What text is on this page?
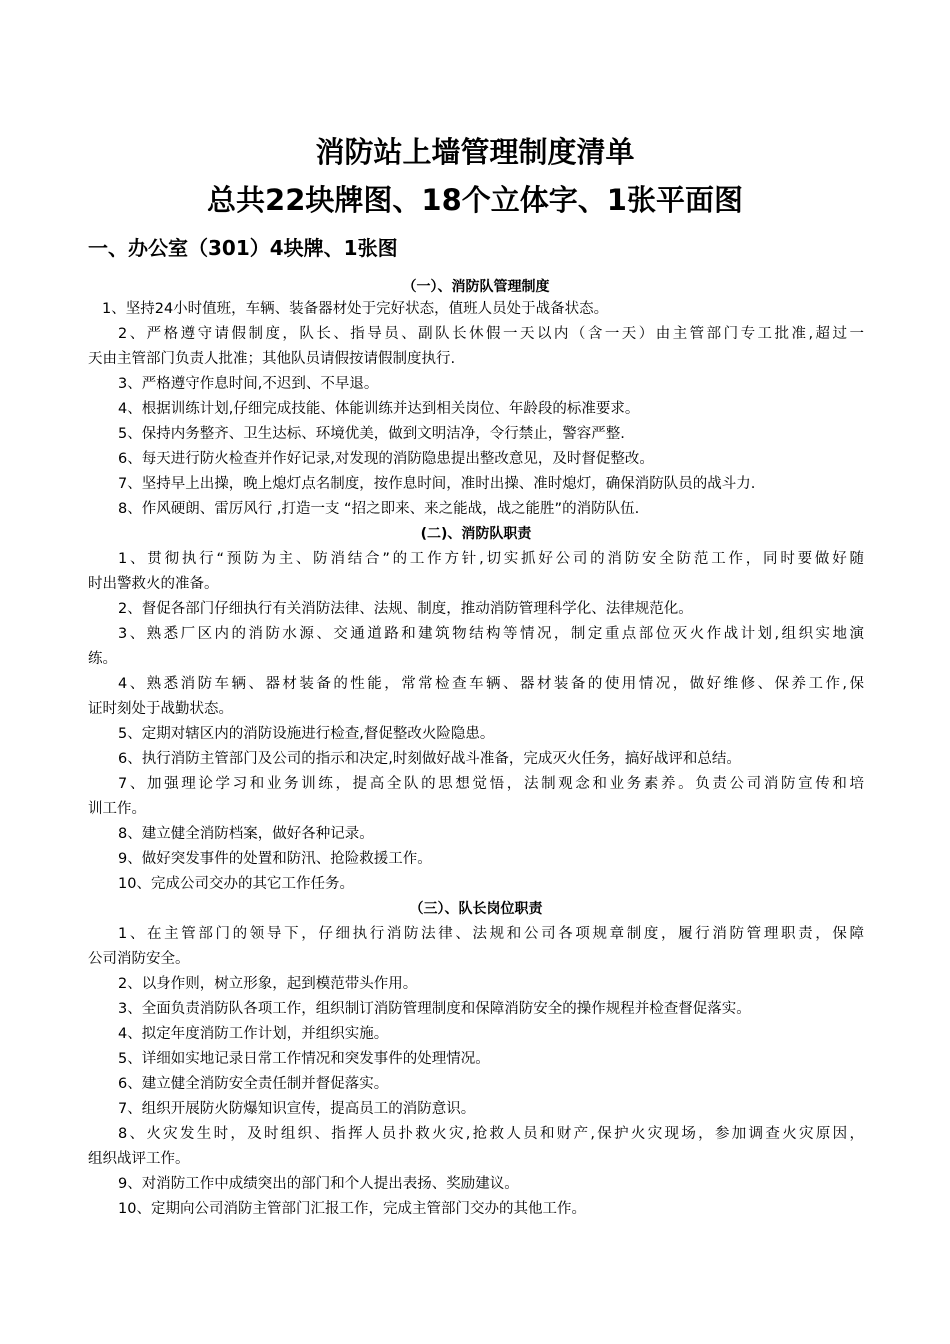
消防站上墙管理制度清单
总共22块牌图、18个立体字、1张平面图
一、办公室（301）4块牌、1张图
（一）、消防队管理制度
1、坚持24小时值班，车辆、装备器材处于完好状态，值班人员处于战备状态。
2、严格遵守请假制度，队长、指导员、副队长休假一天以内（含一天）由主管部门专工批准,超过一
天由主管部门负责人批准；其他队员请假按请假制度执行.
3、严格遵守作息时间,不迟到、不早退。
4、根据训练计划,仔细完成技能、体能训练并达到相关岗位、年龄段的标准要求。
5、保持内务整齐、卫生达标、环境优美，做到文明洁净，令行禁止，警容严整.
6、每天进行防火检查并作好记录,对发现的消防隐患提出整改意见，及时督促整改。
7、坚持早上出操，晚上熄灯点名制度，按作息时间，准时出操、准时熄灯，确保消防队员的战斗力.
8、作风硬朗、雷厉风行 ,打造一支 “招之即来、来之能战，战之能胜”的消防队伍.
(二)、消防队职责
1、贯彻执行“预防为主、防消结合”的工作方针,切实抓好公司的消防安全防范工作，同时要做好随
时出警救火的准备。
2、督促各部门仔细执行有关消防法律、法规、制度，推动消防管理科学化、法律规范化。
3、熟悉厂区内的消防水源、交通道路和建筑物结构等情况，制定重点部位灭火作战计划,组织实地演
练。
4、熟悉消防车辆、器材装备的性能，常常检查车辆、器材装备的使用情况，做好维修、保养工作,保
证时刻处于战勤状态。
5、定期对辖区内的消防设施进行检查,督促整改火险隐患。
6、执行消防主管部门及公司的指示和决定,时刻做好战斗准备，完成灭火任务，搞好战评和总结。
7、加强理论学习和业务训练，提高全队的思想觉悟，法制观念和业务素养。负责公司消防宣传和培
训工作。
8、建立健全消防档案，做好各种记录。
9、做好突发事件的处置和防汛、抢险救援工作。
10、完成公司交办的其它工作任务。
（三）、队长岗位职责
1、在主管部门的领导下，仔细执行消防法律、法规和公司各项规章制度，履行消防管理职责，保障
公司消防安全。
2、以身作则，树立形象，起到模范带头作用。
3、全面负责消防队各项工作，组织制订消防管理制度和保障消防安全的操作规程并检查督促落实。
4、拟定年度消防工作计划，并组织实施。
5、详细如实地记录日常工作情况和突发事件的处理情况。
6、建立健全消防安全责任制并督促落实。
7、组织开展防火防爆知识宣传，提高员工的消防意识。
8、火灾发生时，及时组织、指挥人员扑救火灾,抢救人员和财产,保护火灾现场，参加调查火灾原因，
组织战评工作。
9、对消防工作中成绩突出的部门和个人提出表扬、奖励建议。
10、定期向公司消防主管部门汇报工作，完成主管部门交办的其他工作。
